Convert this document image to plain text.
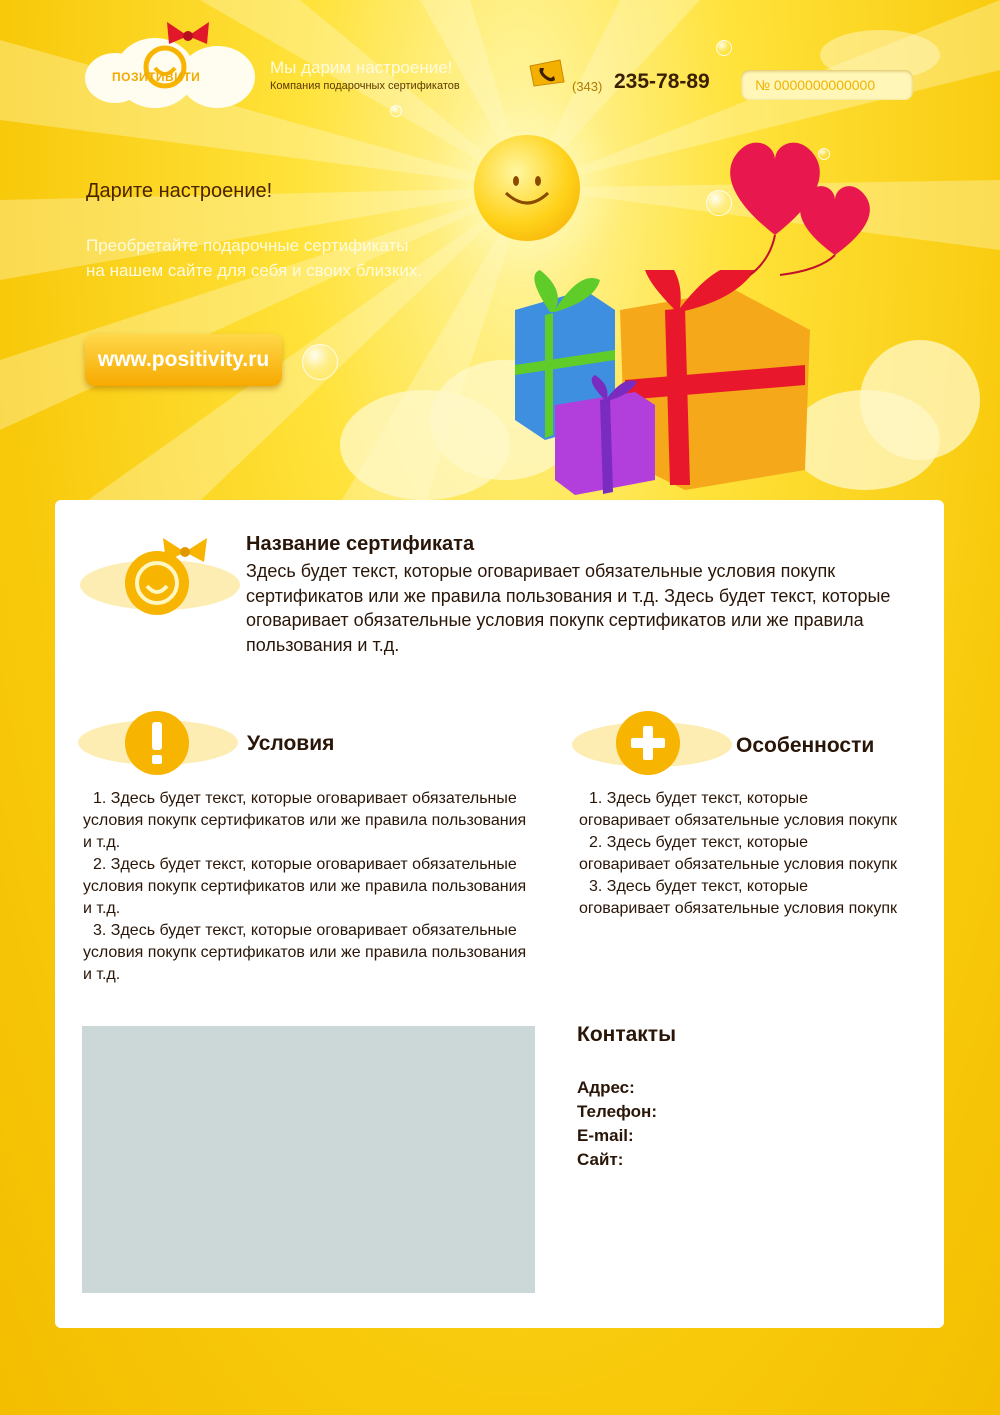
ПОЗИТИВИТИ	Мы дарим настроение!
Компания подарочных сертификатов	(343) 235-78-89	№ 0000000000000
Дарите настроение!
Преобретайте подарочные сертификаты на нашем сайте для себя и своих близких.
www.positivity.ru
Название сертификата
Здесь будет текст, которые оговаривает обязательные условия покупк сертификатов или же правила пользования и т.д. Здесь будет текст, которые оговаривает обязательные условия покупк сертификатов или же правила пользования и т.д.
Условия
1. Здесь будет текст, которые оговаривает обязательные условия покупк сертификатов или же правила пользования и т.д.
2. Здесь будет текст, которые оговаривает обязательные условия покупк сертификатов или же правила пользования и т.д.
3. Здесь будет текст, которые оговаривает обязательные условия покупк сертификатов или же правила пользования и т.д.
Особенности
1. Здесь будет текст, которые оговаривает обязательные условия покупк
2. Здесь будет текст, которые оговаривает обязательные условия покупк
3. Здесь будет текст, которые оговаривает обязательные условия покупк
Контакты
Адрес:
Телефон:
E-mail:
Сайт:
